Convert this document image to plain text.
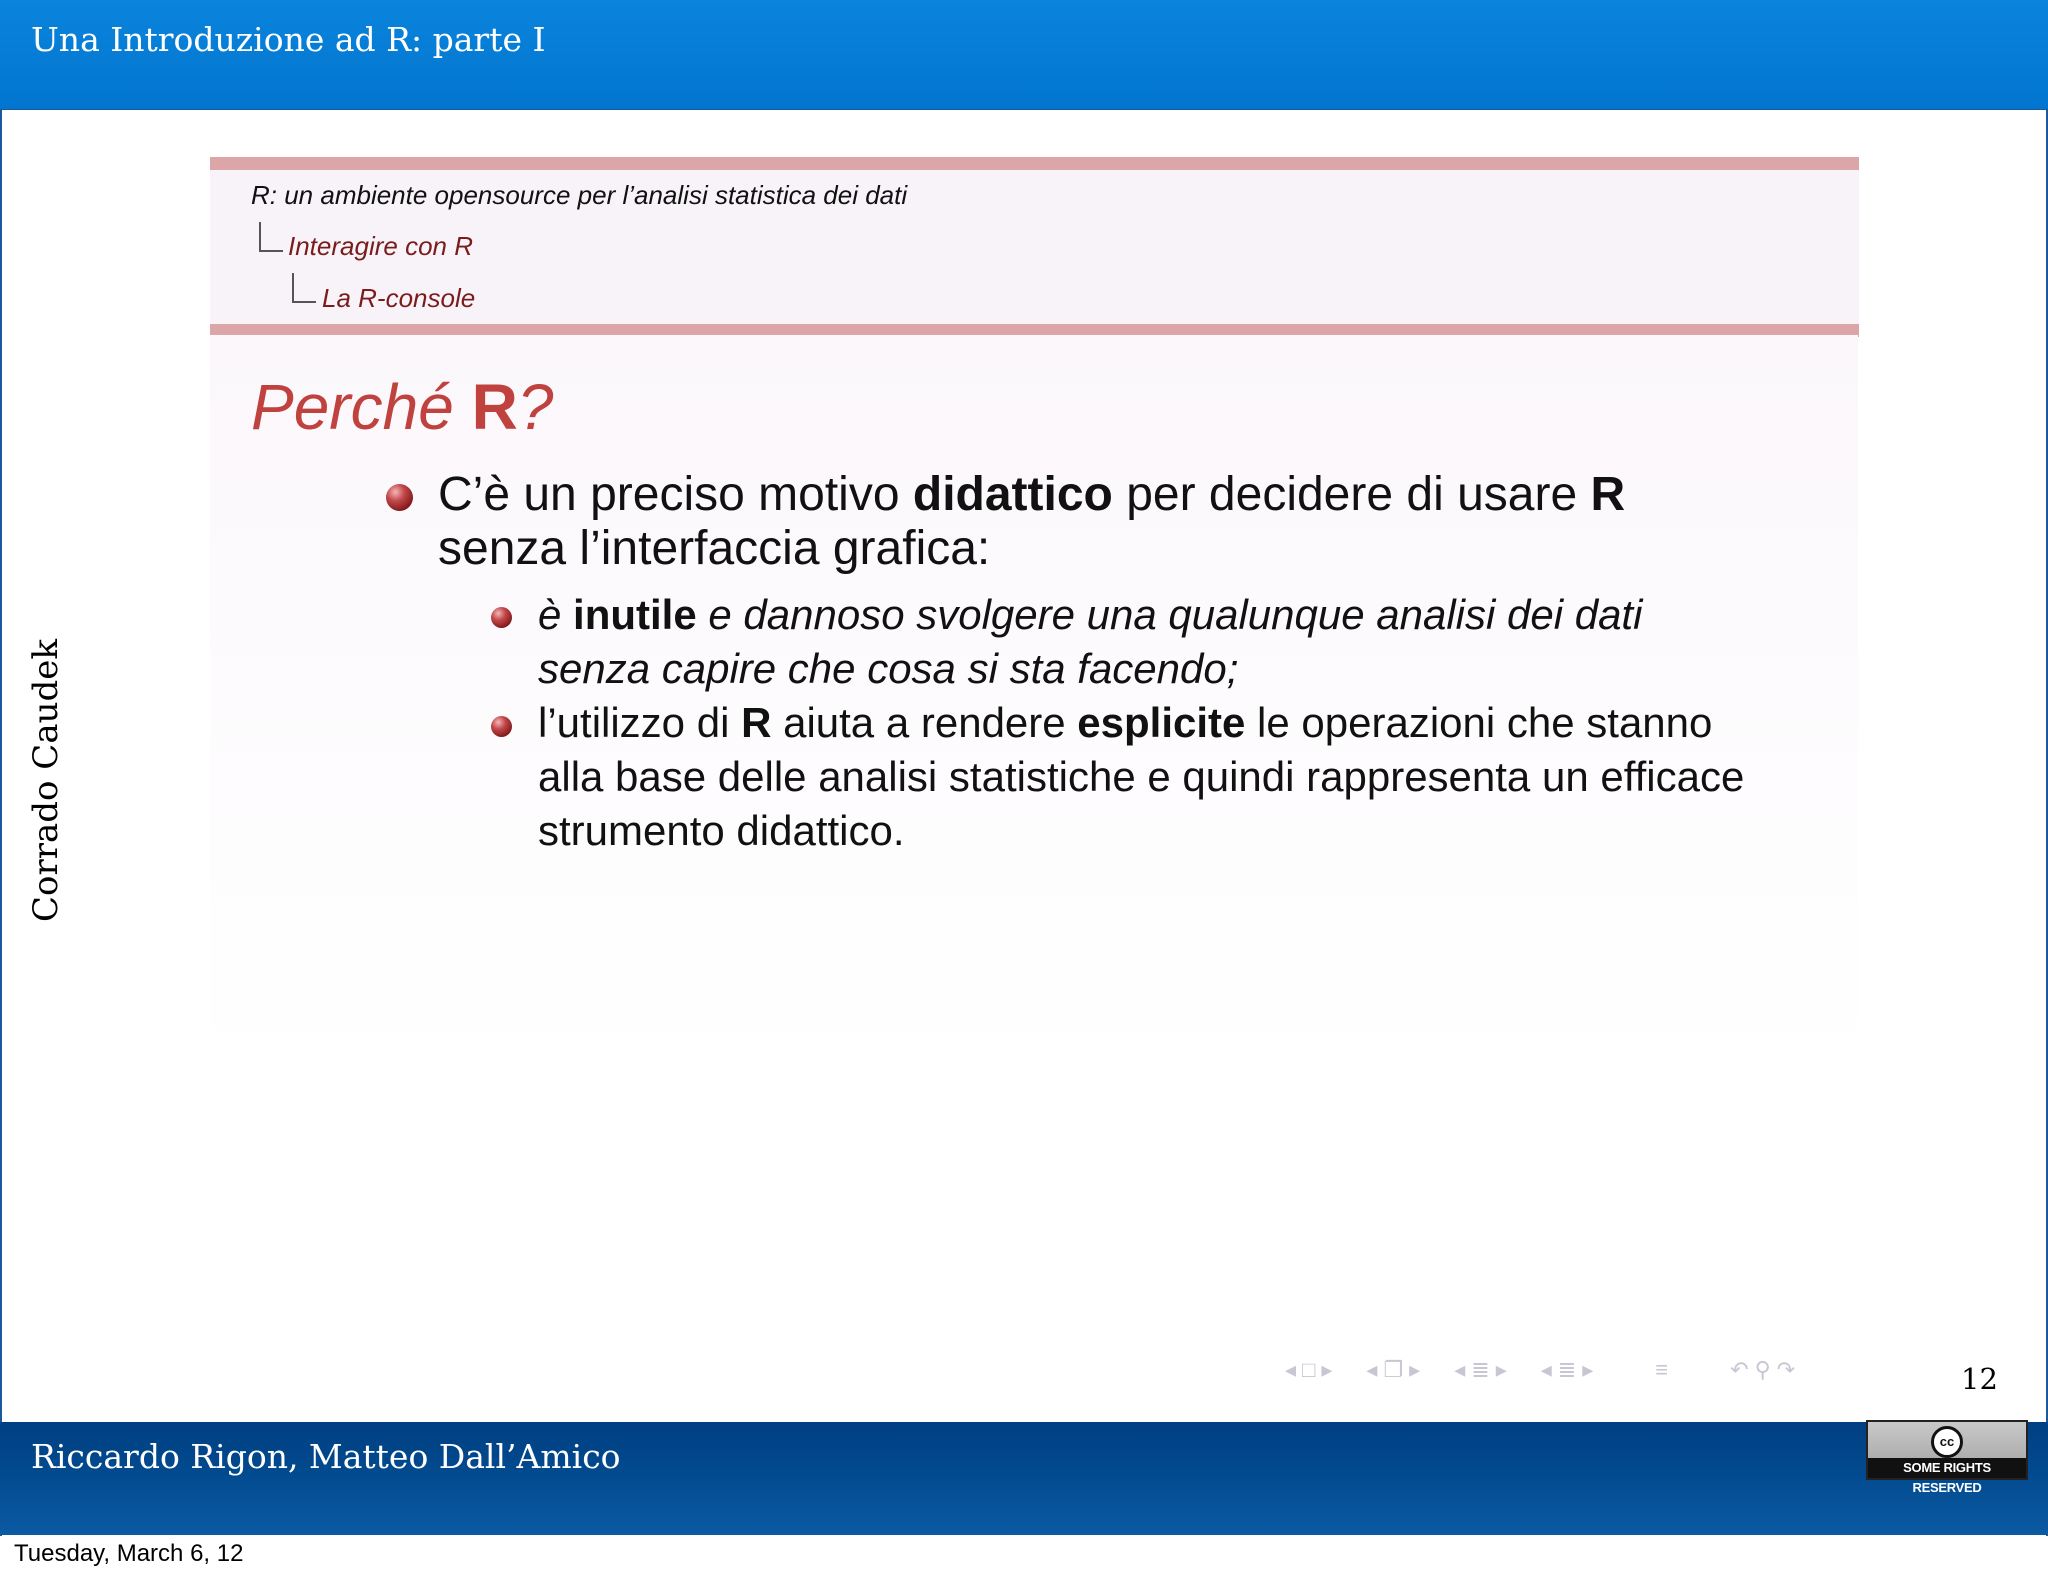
Una Introduzione ad R: parte I
Corrado Caudek
R: un ambiente opensource per l’analisi statistica dei dati
Interagire con R
La R-console
Perché R?
C’è un preciso motivo didattico per decidere di usare R senza l’interfaccia grafica:
è inutile e dannoso svolgere una qualunque analisi dei dati senza capire che cosa si sta facendo;
l’utilizzo di R aiuta a rendere esplicite le operazioni che stanno alla base delle analisi statistiche e quindi rappresenta un efficace strumento didattico.
◂ □ ▸ ◂ ❐ ▸ ◂ ≣ ▸ ◂ ≣ ▸	≡	↶ ⚲ ↷	12
Riccardo Rigon, Matteo Dall’Amico	cc
SOME RIGHTS RESERVED
Tuesday, March 6, 12
